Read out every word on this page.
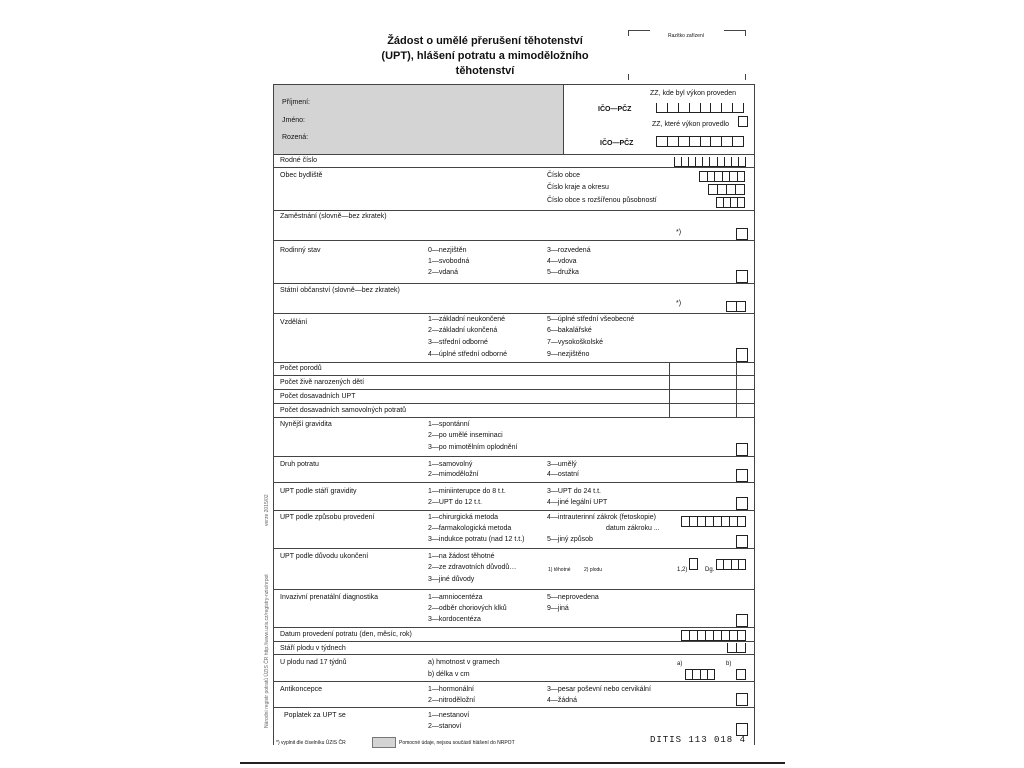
Žádost o umělé přerušení těhotenství
(UPT), hlášení potratu a mimoděložního
těhotenství
Razítko zařízení
Příjmení:
Jméno:
Rozená:
ZZ, kde byl výkon proveden
IČO—PČZ
ZZ, které výkon provedlo
IČO—PČZ
Rodné číslo
Obec bydliště	Číslo obce
Číslo kraje a okresu
Číslo obce s rozšířenou působností
Zaměstnání (slovně—bez zkratek)
*)
Rodinný stav	0—nezjištěn
1—svobodná
2—vdaná
3—rozvedená
4—vdova
5—družka
Státní občanství (slovně—bez zkratek)
*)
Vzdělání	1—základní neukončené
2—základní ukončená
3—střední odborné
4—úplné střední odborné
5—úplné střední všeobecné
6—bakalářské
7—vysokoškolské
9—nezjištěno
Počet porodů
Počet živě narozených dětí
Počet dosavadních UPT
Počet dosavadních samovolných potratů
Nynější gravidita	1—spontánní
2—po umělé inseminaci
3—po mimotělním oplodnění
Druh potratu	1—samovolný
2—mimoděložní
3—umělý
4—ostatní
UPT podle stáří gravidity	1—miniinterupce do 8 t.t.
2—UPT do 12 t.t.
3—UPT do 24 t.t.
4—jiné legální UPT
UPT podle způsobu provedení	1—chirurgická metoda
2—farmakologická metoda
3—indukce potratu (nad 12 t.t.)
4—intrauterinní zákrok (fetoskopie)
datum zákroku ...
5—jiný způsob
UPT podle důvodu ukončení	1—na žádost těhotné
2—ze zdravotních důvodů…
3—jiné důvody
1) těhotné	2) plodu	1,2)	Dg.
Invazivní prenatální diagnostika	1—amniocentéza
2—odběr choriových klků
3—kordocentéza
5—neprovedena
9—jiná
Datum provedení potratu (den, měsíc, rok)
Stáří plodu v týdnech
U plodu nad 17 týdnů	a) hmotnost v gramech
b) délka v cm
a)	b)
Antikoncepce	1—hormonální
2—nitroděložní
3—pesar poševní nebo cervikální
4—žádná
Poplatek za UPT se	1—nestanoví
2—stanoví
*) vyplnit dle číselníku ÚZIS ČR	Pomocné údaje, nejsou součástí hlášení do NRPOT	DITIS 113 018 4
verze 2015/02
Národní registr potratů ÚZIS ČR http://www.uzis.cz/registry-nzis/nrpot
